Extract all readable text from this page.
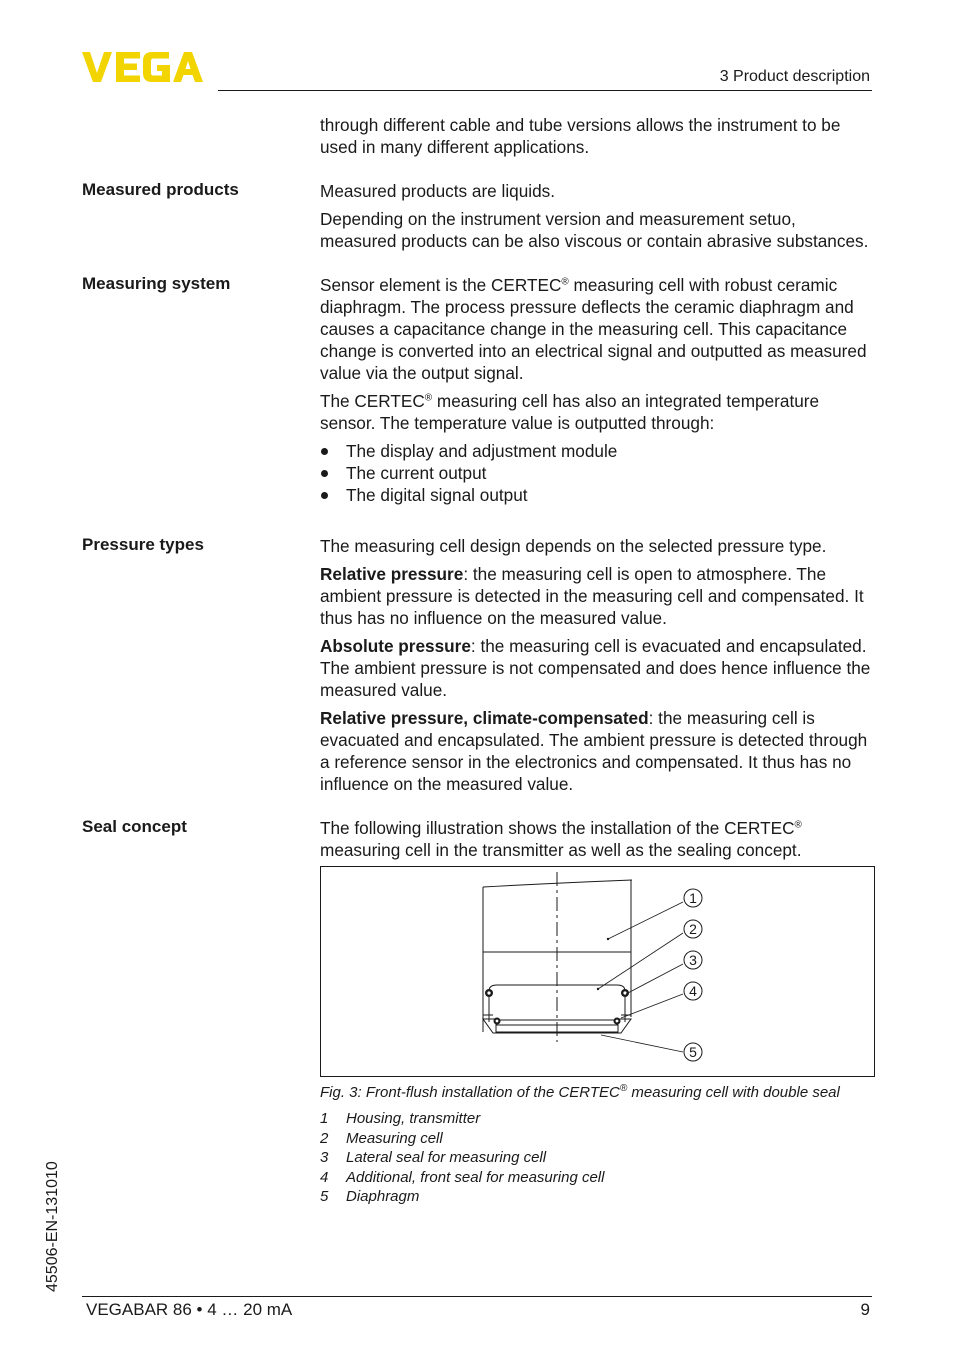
3 Product description

through different cable and tube versions allows the instrument to be used in many different applications.

Measured products	Measured products are liquids.

Depending on the instrument version and measurement setuo, measured products can be also viscous or contain abrasive substances.

Measuring system	Sensor element is the CERTEC® measuring cell with robust ceramic diaphragm. The process pressure deflects the ceramic diaphragm and causes a capacitance change in the measuring cell. This capacitance change is converted into an electrical signal and outputted as measured value via the output signal.

The CERTEC® measuring cell has also an integrated temperature sensor. The temperature value is outputted through:

The display and adjustment module
The current output
The digital signal output
Pressure types	The measuring cell design depends on the selected pressure type.

Relative pressure: the measuring cell is open to atmosphere. The ambient pressure is detected in the measuring cell and compensated. It thus has no influence on the measured value.

Absolute pressure: the measuring cell is evacuated and encapsulated. The ambient pressure is not compensated and does hence influence the measured value.

Relative pressure, climate-compensated: the measuring cell is evacuated and encapsulated. The ambient pressure is detected through a reference sensor in the electronics and compensated. It thus has no influence on the measured value.

Seal concept	The following illustration shows the installation of the CERTEC® measuring cell in the transmitter as well as the sealing concept.

1
2
3
4
5
Fig. 3: Front-flush installation of the CERTEC® measuring cell with double seal
1 Housing, transmitter
2 Measuring cell
3 Lateral seal for measuring cell
4 Additional, front seal for measuring cell
5 Diaphragm
45506-EN-131010
VEGABAR 86 • 4 … 20 mA	9
